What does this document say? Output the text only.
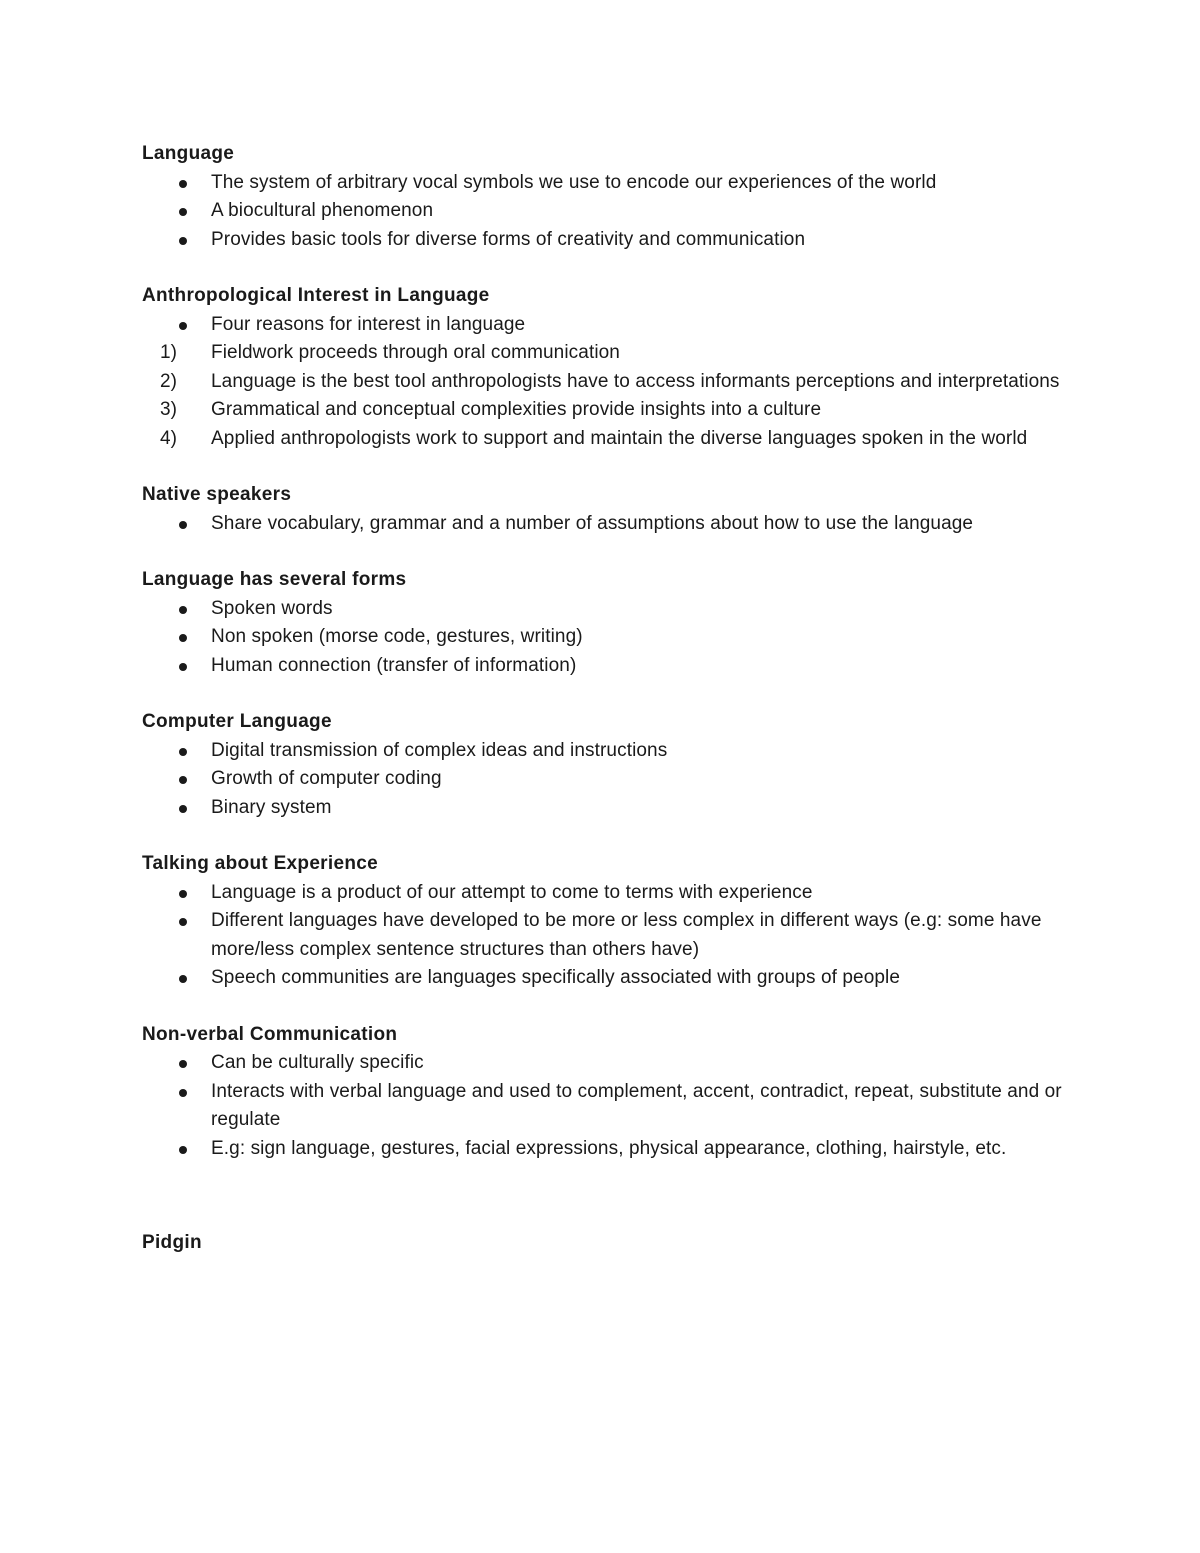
Language
The system of arbitrary vocal symbols we use to encode our experiences of the world
A biocultural phenomenon
Provides basic tools for diverse forms of creativity and communication
Anthropological Interest in Language
Four reasons for interest in language
1)	Fieldwork proceeds through oral communication
2)	Language is the best tool anthropologists have to access informants perceptions and interpretations
3)	Grammatical and conceptual complexities provide insights into a culture
4)	Applied anthropologists work to support and maintain the diverse languages spoken in the world
Native speakers
Share vocabulary, grammar and a number of assumptions about how to use the language
Language has several forms
Spoken words
Non spoken (morse code, gestures, writing)
Human connection (transfer of information)
Computer Language
Digital transmission of complex ideas and instructions
Growth of computer coding
Binary system
Talking about Experience
Language is a product of our attempt to come to terms with experience
Different languages have developed to be more or less complex in different ways (e.g: some have more/less complex sentence structures than others have)
Speech communities are languages specifically associated with groups of people
Non-verbal Communication
Can be culturally specific
Interacts with verbal language and used to complement, accent, contradict, repeat, substitute and or regulate
E.g: sign language, gestures, facial expressions, physical appearance, clothing, hairstyle, etc.
Pidgin
